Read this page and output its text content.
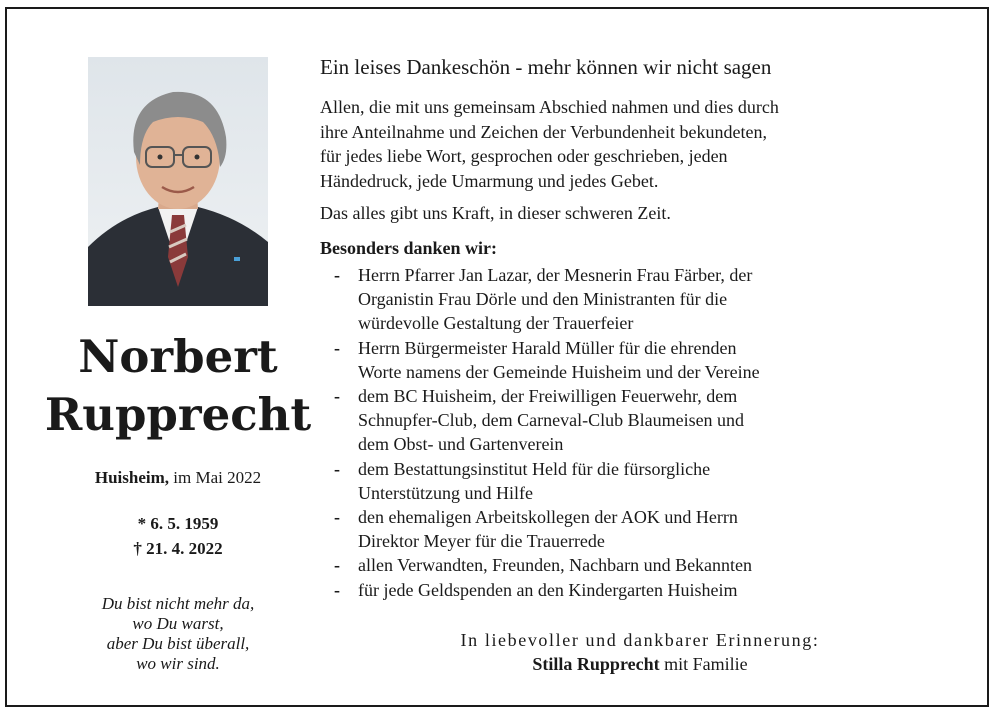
Norbert
Rupprecht
Huisheim, im Mai 2022
* 6. 5. 1959
† 21. 4. 2022
Du bist nicht mehr da,
wo Du warst,
aber Du bist überall,
wo wir sind.
Ein leises Dankeschön - mehr können wir nicht sagen
Allen, die mit uns gemeinsam Abschied nahmen und dies durch
ihre Anteilnahme und Zeichen der Verbundenheit bekundeten,
für jedes liebe Wort, gesprochen oder geschrieben, jeden
Händedruck, jede Umarmung und jedes Gebet.
Das alles gibt uns Kraft, in dieser schweren Zeit.
Besonders danken wir:
‑ Herrn Pfarrer Jan Lazar, der Mesnerin Frau Färber, der
Organistin Frau Dörle und den Ministranten für die
würdevolle Gestaltung der Trauerfeier
‑ Herrn Bürgermeister Harald Müller für die ehrenden
Worte namens der Gemeinde Huisheim und der Vereine
‑ dem BC Huisheim, der Freiwilligen Feuerwehr, dem
Schnupfer-Club, dem Carneval-Club Blaumeisen und
dem Obst- und Gartenverein
‑ dem Bestattungsinstitut Held für die fürsorgliche
Unterstützung und Hilfe
‑ den ehemaligen Arbeitskollegen der AOK und Herrn
Direktor Meyer für die Trauerrede
‑ allen Verwandten, Freunden, Nachbarn und Bekannten
‑ für jede Geldspenden an den Kindergarten Huisheim
In liebevoller und dankbarer Erinnerung:
Stilla Rupprecht mit Familie
